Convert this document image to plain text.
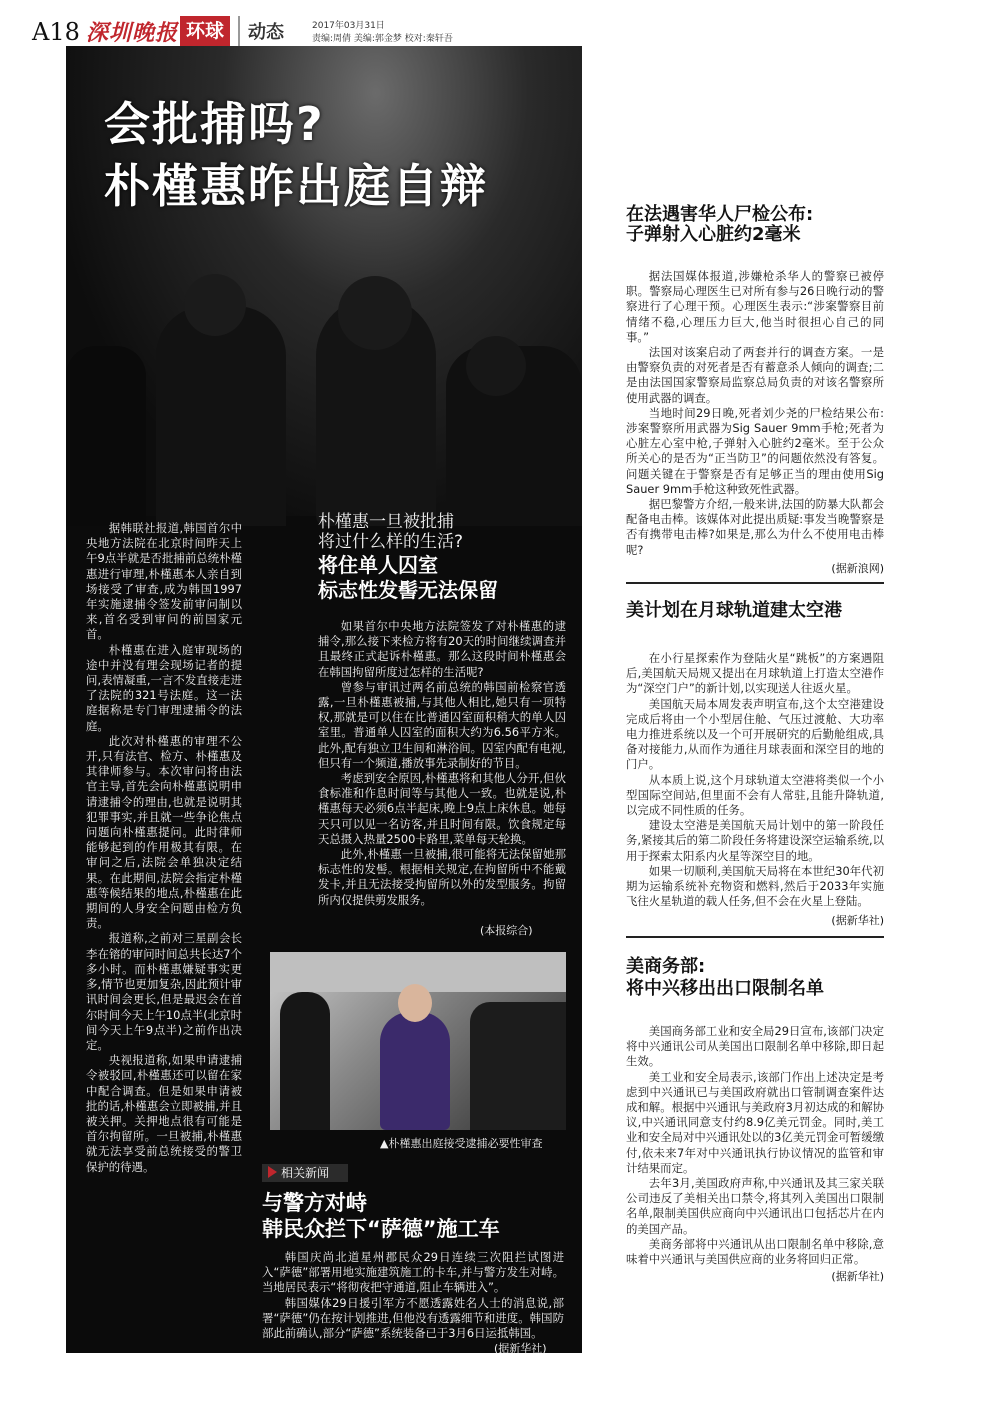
A18 深圳晚报 环球	动态	2017年03月31日
责编:周倩 美编:郭金梦 校对:秦轩吾
会批捕吗?
朴槿惠昨出庭自辩

据韩联社报道,韩国首尔中央地方法院在北京时间昨天上午9点半就是否批捕前总统朴槿惠进行审理,朴槿惠本人亲自到场接受了审查,成为韩国1997年实施逮捕令签发前审问制以来,首名受到审问的前国家元首。

朴槿惠在进入庭审现场的途中并没有理会现场记者的提问,表情凝重,一言不发直接走进了法院的321号法庭。这一法庭据称是专门审理逮捕令的法庭。

此次对朴槿惠的审理不公开,只有法官、检方、朴槿惠及其律师参与。本次审问将由法官主导,首先会向朴槿惠说明申请逮捕令的理由,也就是说明其犯罪事实,并且就一些争论焦点问题向朴槿惠提问。此时律师能够起到的作用极其有限。在审问之后,法院会单独决定结果。在此期间,法院会指定朴槿惠等候结果的地点,朴槿惠在此期间的人身安全问题由检方负责。

报道称,之前对三星副会长李在镕的审问时间总共长达7个多小时。而朴槿惠嫌疑事实更多,情节也更加复杂,因此预计审讯时间会更长,但是最迟会在首尔时间今天上午10点半(北京时间今天上午9点半)之前作出决定。

央视报道称,如果申请逮捕令被驳回,朴槿惠还可以留在家中配合调查。但是如果申请被批的话,朴槿惠会立即被捕,并且被关押。关押地点很有可能是首尔拘留所。一旦被捕,朴槿惠就无法享受前总统接受的警卫保护的待遇。

朴槿惠一旦被批捕
将过什么样的生活?
将住单人囚室
标志性发髻无法保留

如果首尔中央地方法院签发了对朴槿惠的逮捕令,那么接下来检方将有20天的时间继续调查并且最终正式起诉朴槿惠。那么这段时间朴槿惠会在韩国拘留所度过怎样的生活呢?

曾参与审讯过两名前总统的韩国前检察官透露,一旦朴槿惠被捕,与其他人相比,她只有一项特权,那就是可以住在比普通囚室面积稍大的单人囚室里。普通单人囚室的面积大约为6.56平方米。此外,配有独立卫生间和淋浴间。囚室内配有电视,但只有一个频道,播放事先录制好的节目。

考虑到安全原因,朴槿惠将和其他人分开,但伙食标准和作息时间等与其他人一致。也就是说,朴槿惠每天必须6点半起床,晚上9点上床休息。她每天只可以见一名访客,并且时间有限。饮食规定每天总摄入热量2500卡路里,菜单每天轮换。

此外,朴槿惠一旦被捕,很可能将无法保留她那标志性的发髻。根据相关规定,在拘留所中不能戴发卡,并且无法接受拘留所以外的发型服务。拘留所内仅提供剪发服务。

(本报综合)
▲朴槿惠出庭接受逮捕必要性审查
相关新闻
与警方对峙
韩民众拦下“萨德”施工车

韩国庆尚北道星州郡民众29日连续三次阻拦试图进入“萨德”部署用地实施建筑施工的卡车,并与警方发生对峙。当地居民表示“将彻夜把守通道,阻止车辆进入”。

韩国媒体29日援引军方不愿透露姓名人士的消息说,部署“萨德”仍在按计划推进,但他没有透露细节和进度。韩国防部此前确认,部分“萨德”系统装备已于3月6日运抵韩国。

(据新华社)
在法遇害华人尸检公布:
子弹射入心脏约2毫米

据法国媒体报道,涉嫌枪杀华人的警察已被停职。警察局心理医生已对所有参与26日晚行动的警察进行了心理干预。心理医生表示:“涉案警察目前情绪不稳,心理压力巨大,他当时很担心自己的同事。”

法国对该案启动了两套并行的调查方案。一是由警察负责的对死者是否有蓄意杀人倾向的调查;二是由法国国家警察局监察总局负责的对该名警察所使用武器的调查。

当地时间29日晚,死者刘少尧的尸检结果公布:涉案警察所用武器为Sig Sauer 9mm手枪;死者为心脏左心室中枪,子弹射入心脏约2毫米。至于公众所关心的是否为“正当防卫”的问题依然没有答复。问题关键在于警察是否有足够正当的理由使用Sig Sauer 9mm手枪这种致死性武器。

据巴黎警方介绍,一般来讲,法国的防暴大队都会配备电击棒。该媒体对此提出质疑:事发当晚警察是否有携带电击棒?如果是,那么为什么不使用电击棒呢?

(据新浪网)
美计划在月球轨道建太空港

在小行星探索作为登陆火星“跳板”的方案遇阻后,美国航天局规又提出在月球轨道上打造太空港作为“深空门户”的新计划,以实现送人往返火星。

美国航天局本周发表声明宣布,这个太空港建设完成后将由一个小型居住舱、气压过渡舱、大功率电力推进系统以及一个可开展研究的后勤舱组成,具备对接能力,从而作为通往月球表面和深空目的地的门户。

从本质上说,这个月球轨道太空港将类似一个小型国际空间站,但里面不会有人常驻,且能升降轨道,以完成不同性质的任务。

建设太空港是美国航天局计划中的第一阶段任务,紧接其后的第二阶段任务将建设深空运输系统,以用于探索太阳系内火星等深空目的地。

如果一切顺利,美国航天局将在本世纪30年代初期为运输系统补充物资和燃料,然后于2033年实施飞往火星轨道的载人任务,但不会在火星上登陆。

(据新华社)
美商务部:
将中兴移出出口限制名单

美国商务部工业和安全局29日宣布,该部门决定将中兴通讯公司从美国出口限制名单中移除,即日起生效。

美工业和安全局表示,该部门作出上述决定是考虑到中兴通讯已与美国政府就出口管制调查案件达成和解。根据中兴通讯与美政府3月初达成的和解协议,中兴通讯同意支付约8.9亿美元罚金。同时,美工业和安全局对中兴通讯处以的3亿美元罚金可暂缓缴付,依未来7年对中兴通讯执行协议情况的监管和审计结果而定。

去年3月,美国政府声称,中兴通讯及其三家关联公司违反了美相关出口禁令,将其列入美国出口限制名单,限制美国供应商向中兴通讯出口包括芯片在内的美国产品。

美商务部将中兴通讯从出口限制名单中移除,意味着中兴通讯与美国供应商的业务将回归正常。

(据新华社)
